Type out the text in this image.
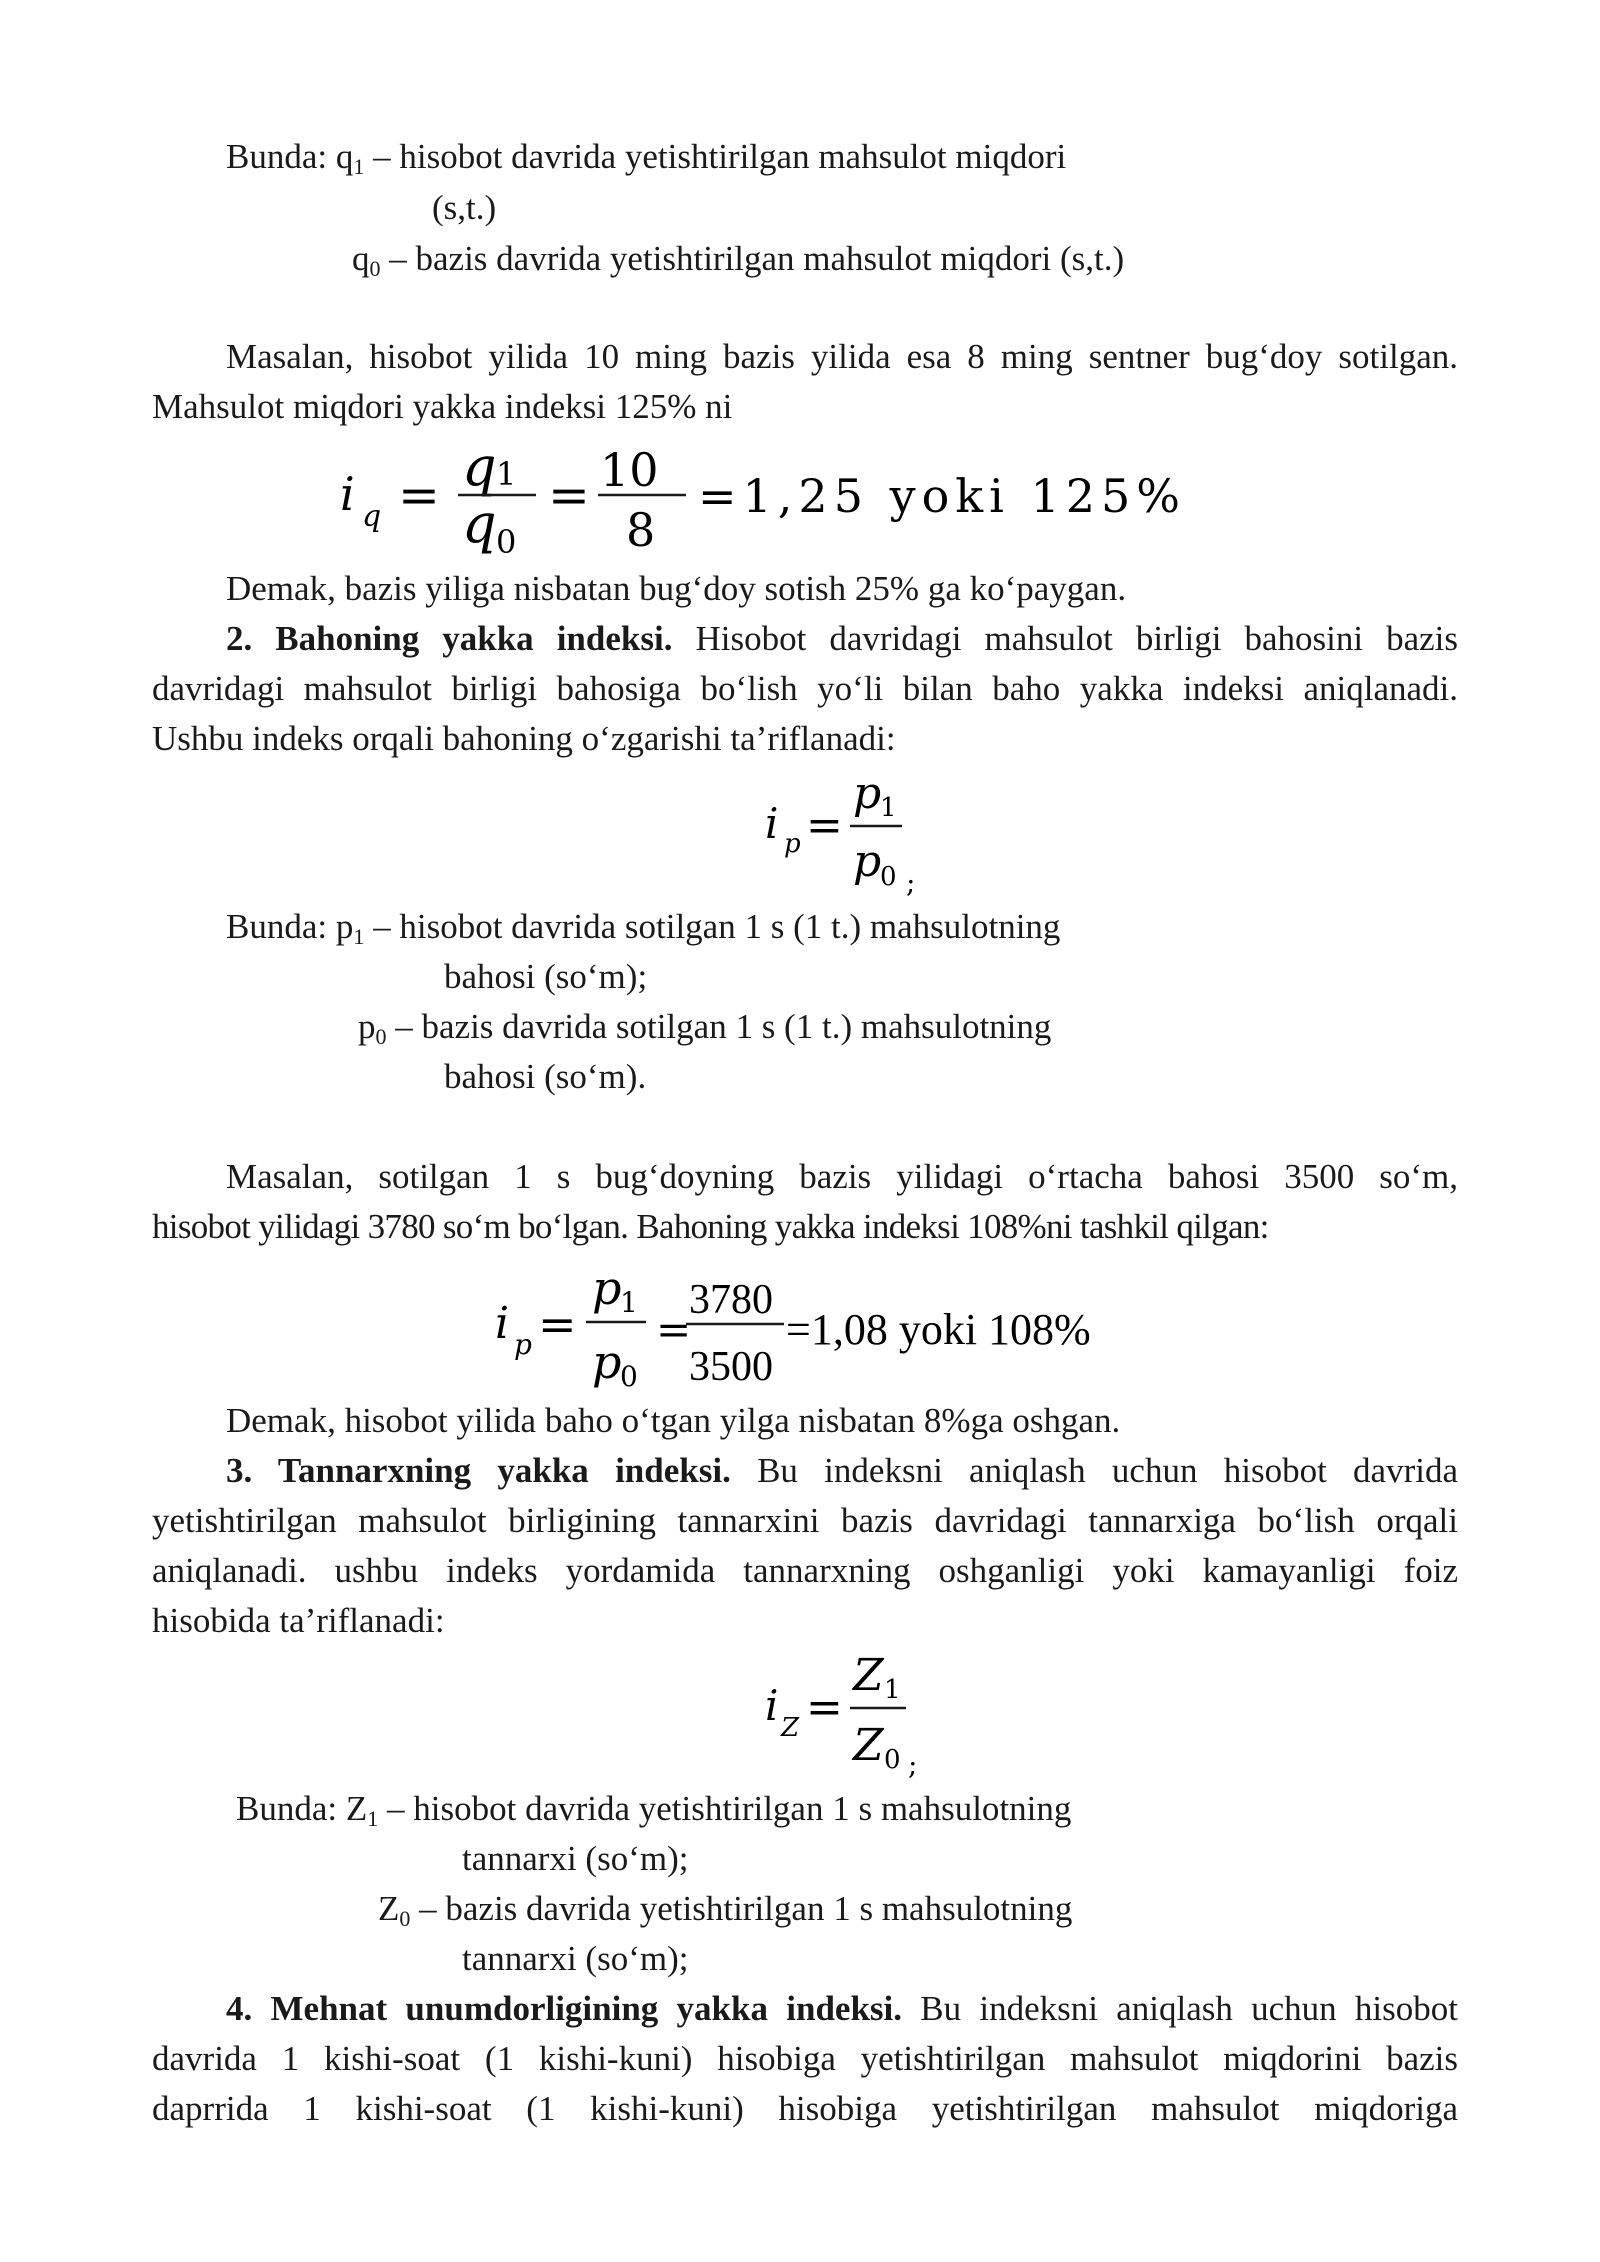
Bunda: q1 – hisobot davrida yetishtirilgan mahsulot miqdori
(s,t.)
q0 – bazis davrida yetishtirilgan mahsulot miqdori (s,t.)
Masalan, hisobot yilida 10 ming bazis yilida esa 8 ming sentner bug‘doy sotilgan.
Mahsulot miqdori yakka indeksi 125% ni
i q = q 1
q 0
= 10
8
=1,25 yoki 125%
i p =
p
1
p
0 ;
i p =
p
1
p
0
=
3780
3500
=1,08 yoki 108%
i Z =
Z 1
Z 0 ;
Demak, bazis yiliga nisbatan bug‘doy sotish 25% ga ko‘paygan.
2. Bahoning yakka indeksi. Hisobot davridagi mahsulot birligi bahosini bazis
davridagi mahsulot birligi bahosiga bo‘lish yo‘li bilan baho yakka indeksi aniqlanadi.
Ushbu indeks orqali bahoning o‘zgarishi ta’riflanadi:
Bunda: p1 – hisobot davrida sotilgan 1 s (1 t.) mahsulotning
bahosi (so‘m);
p0 – bazis davrida sotilgan 1 s (1 t.) mahsulotning
bahosi (so‘m).
Masalan, sotilgan 1 s bug‘doyning bazis yilidagi o‘rtacha bahosi 3500 so‘m,
hisobot yilidagi 3780 so‘m bo‘lgan. Bahoning yakka indeksi 108%ni tashkil qilgan:
Demak, hisobot yilida baho o‘tgan yilga nisbatan 8%ga oshgan.
3. Tannarxning yakka indeksi. Bu indeksni aniqlash uchun hisobot davrida
yetishtirilgan mahsulot birligining tannarxini bazis davridagi tannarxiga bo‘lish orqali
aniqlanadi. ushbu indeks yordamida tannarxning oshganligi yoki kamayanligi foiz
hisobida ta’riflanadi:
Bunda: Z1 – hisobot davrida yetishtirilgan 1 s mahsulotning
tannarxi (so‘m);
Z0 – bazis davrida yetishtirilgan 1 s mahsulotning
tannarxi (so‘m);
4. Mehnat unumdorligining yakka indeksi. Bu indeksni aniqlash uchun hisobot
davrida 1 kishi-soat (1 kishi-kuni) hisobiga yetishtirilgan mahsulot miqdorini bazis
daprrida 1 kishi-soat (1 kishi-kuni) hisobiga yetishtirilgan mahsulot miqdoriga
